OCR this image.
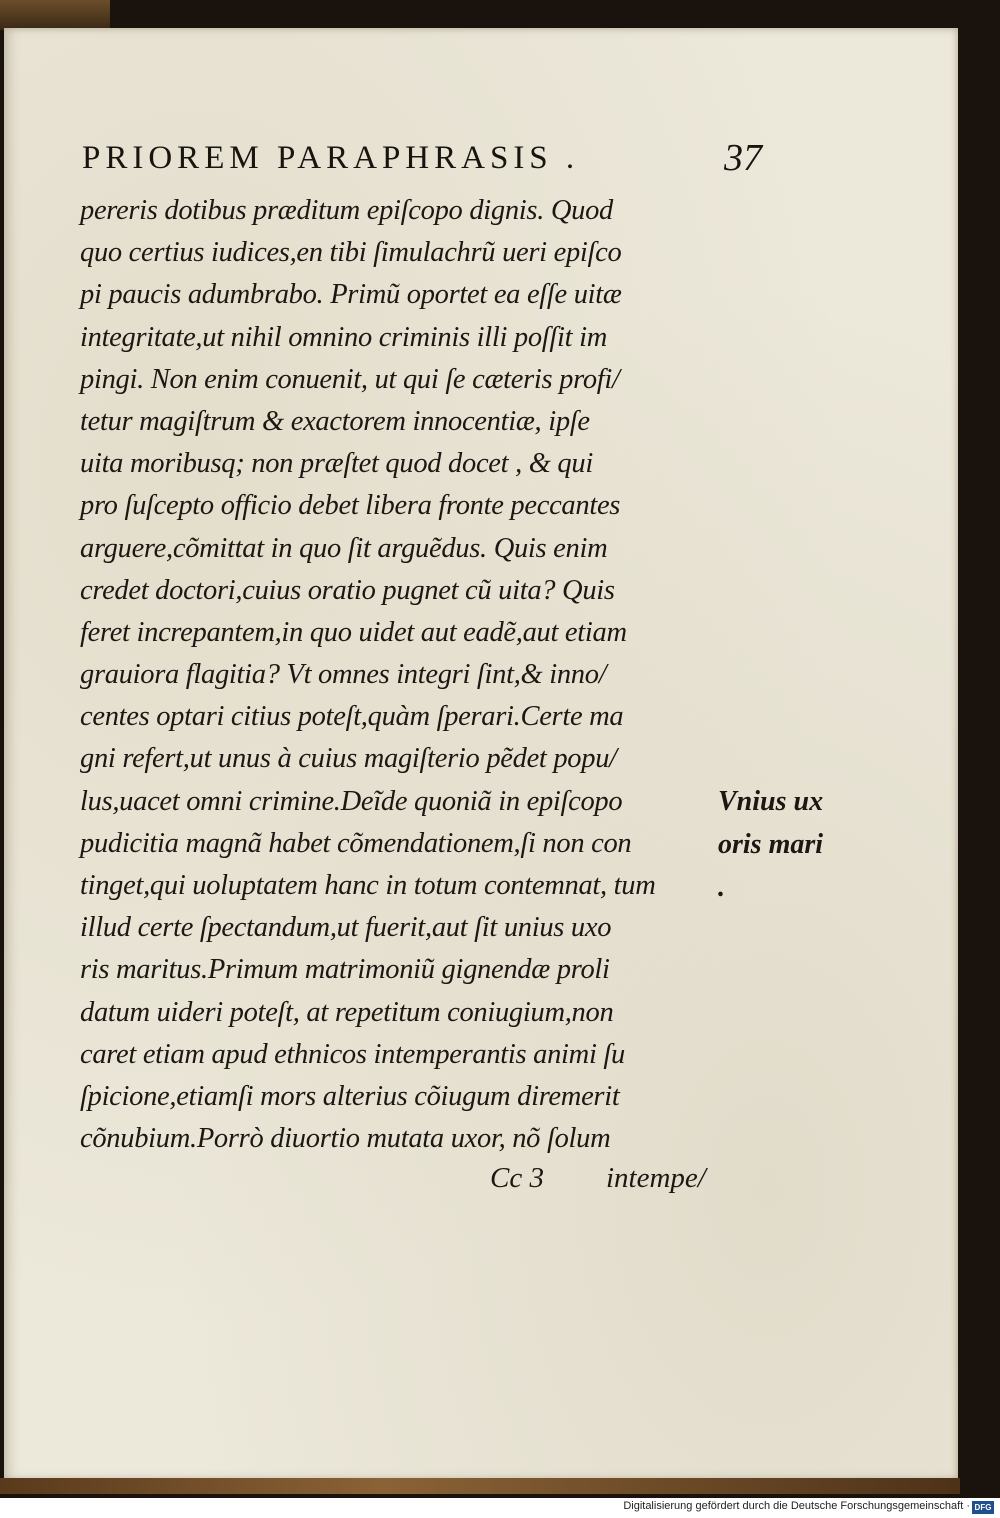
PRIOREM PARAPHRASIS .	37
pereris dotibus præditum epiſcopo dignis. Quod
quo certius iudices,en tibi ſimulachrũ ueri epiſco
pi paucis adumbrabo. Primũ oportet ea eſſe uitæ
integritate,ut nihil omnino criminis illi poſſit im
pingi. Non enim conuenit, ut qui ſe cæteris profi/
tetur magiſtrum & exactorem innocentiæ, ipſe
uita moribusq; non præſtet quod docet , & qui
pro ſuſcepto officio debet libera fronte peccantes
arguere,cõmittat in quo ſit arguẽdus. Quis enim
credet doctori,cuius oratio pugnet cũ uita? Quis
feret increpantem,in quo uidet aut eadẽ,aut etiam
grauiora flagitia? Vt omnes integri ſint,& inno/
centes optari citius poteſt,quàm ſperari.Certe ma
gni refert,ut unus à cuius magiſterio pẽdet popu/
lus,uacet omni crimine.Deĩde quoniã in epiſcopo
pudicitia magnã habet cõmendationem,ſi non con
tinget,qui uoluptatem hanc in totum contemnat, tum
illud certe ſpectandum,ut fuerit,aut ſit unius uxo
ris maritus.Primum matrimoniũ gignendæ proli
datum uideri poteſt, at repetitum coniugium,non
caret etiam apud ethnicos intemperantis animi ſu
ſpicione,etiamſi mors alterius cõiugum diremerit
cõnubium.Porrò diuortio mutata uxor, nõ ſolum
Vnius ux
oris mari
.
Cc 3 intempe/
Digitalisierung gefördert durch die Deutsche Forschungsgemeinschaft · DFG
